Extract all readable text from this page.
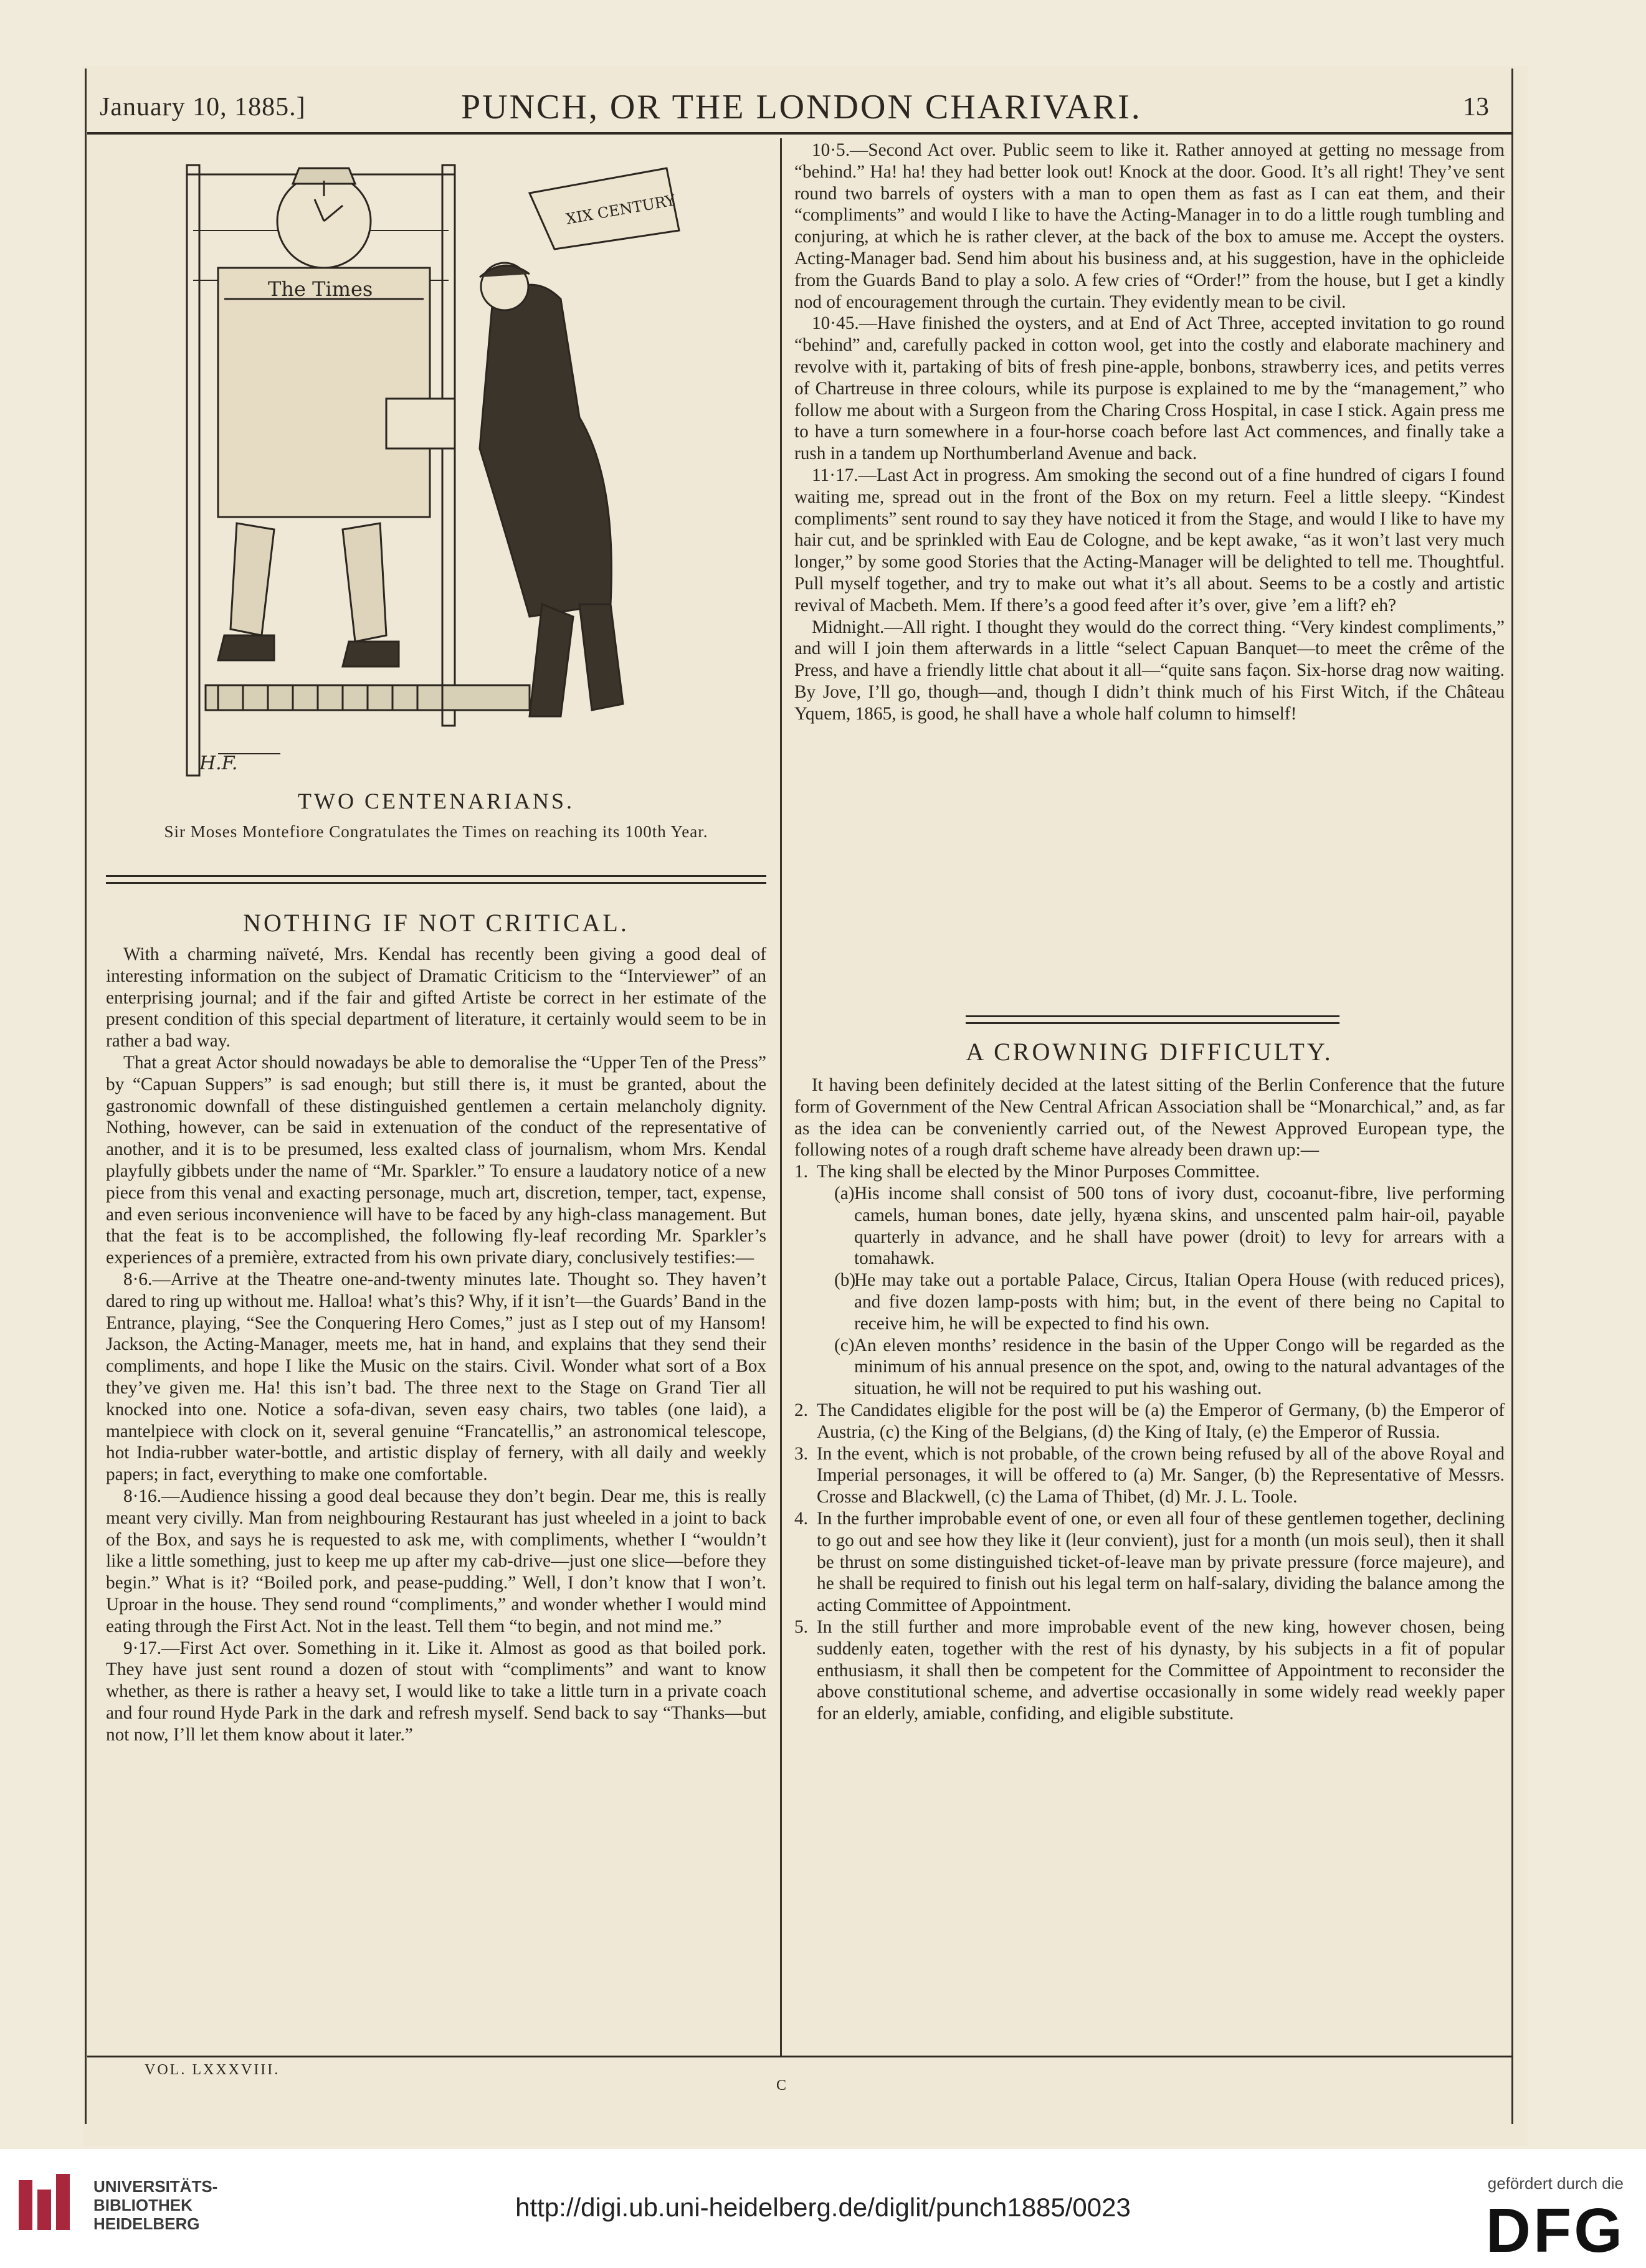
January 10, 1885.]	PUNCH, OR THE LONDON CHARIVARI.	13
The Times
XIX CENTURY
H.F.
TWO CENTENARIANS.
Sir Moses Montefiore Congratulates the Times on reaching its 100th Year.
NOTHING IF NOT CRITICAL.

With a charming naïveté, Mrs. Kendal has recently been giving a good deal of interesting information on the subject of Dramatic Criticism to the “Interviewer” of an enterprising journal; and if the fair and gifted Artiste be correct in her estimate of the present condition of this special department of literature, it certainly would seem to be in rather a bad way.

That a great Actor should nowadays be able to demoralise the “Upper Ten of the Press” by “Capuan Suppers” is sad enough; but still there is, it must be granted, about the gastronomic downfall of these distinguished gentlemen a certain melancholy dignity. Nothing, however, can be said in extenuation of the conduct of the representative of another, and it is to be presumed, less exalted class of journalism, whom Mrs. Kendal playfully gibbets under the name of “Mr. Sparkler.” To ensure a laudatory notice of a new piece from this venal and exacting personage, much art, discretion, temper, tact, expense, and even serious inconvenience will have to be faced by any high-class management. But that the feat is to be accomplished, the following fly-leaf recording Mr. Sparkler’s experiences of a première, extracted from his own private diary, conclusively testifies:—

8·6.—Arrive at the Theatre one-and-twenty minutes late. Thought so. They haven’t dared to ring up without me. Halloa! what’s this? Why, if it isn’t—the Guards’ Band in the Entrance, playing, “See the Conquering Hero Comes,” just as I step out of my Hansom! Jackson, the Acting-Manager, meets me, hat in hand, and explains that they send their compliments, and hope I like the Music on the stairs. Civil. Wonder what sort of a Box they’ve given me. Ha! this isn’t bad. The three next to the Stage on Grand Tier all knocked into one. Notice a sofa-divan, seven easy chairs, two tables (one laid), a mantelpiece with clock on it, several genuine “Francatellis,” an astronomical telescope, hot India-rubber water-bottle, and artistic display of fernery, with all daily and weekly papers; in fact, everything to make one comfortable.

8·16.—Audience hissing a good deal because they don’t begin. Dear me, this is really meant very civilly. Man from neighbouring Restaurant has just wheeled in a joint to back of the Box, and says he is requested to ask me, with compliments, whether I “wouldn’t like a little something, just to keep me up after my cab-drive—just one slice—before they begin.” What is it? “Boiled pork, and pease-pudding.” Well, I don’t know that I won’t. Uproar in the house. They send round “compliments,” and wonder whether I would mind eating through the First Act. Not in the least. Tell them “to begin, and not mind me.”

9·17.—First Act over. Something in it. Like it. Almost as good as that boiled pork. They have just sent round a dozen of stout with “compliments” and want to know whether, as there is rather a heavy set, I would like to take a little turn in a private coach and four round Hyde Park in the dark and refresh myself. Send back to say “Thanks—but not now, I’ll let them know about it later.”

10·5.—Second Act over. Public seem to like it. Rather annoyed at getting no message from “behind.” Ha! ha! they had better look out! Knock at the door. Good. It’s all right! They’ve sent round two barrels of oysters with a man to open them as fast as I can eat them, and their “compliments” and would I like to have the Acting-Manager in to do a little rough tumbling and conjuring, at which he is rather clever, at the back of the box to amuse me. Accept the oysters. Acting-Manager bad. Send him about his business and, at his suggestion, have in the ophicleide from the Guards Band to play a solo. A few cries of “Order!” from the house, but I get a kindly nod of encouragement through the curtain. They evidently mean to be civil.

10·45.—Have finished the oysters, and at End of Act Three, accepted invitation to go round “behind” and, carefully packed in cotton wool, get into the costly and elaborate machinery and revolve with it, partaking of bits of fresh pine-apple, bonbons, strawberry ices, and petits verres of Chartreuse in three colours, while its purpose is explained to me by the “management,” who follow me about with a Surgeon from the Charing Cross Hospital, in case I stick. Again press me to have a turn somewhere in a four-horse coach before last Act commences, and finally take a rush in a tandem up Northumberland Avenue and back.

11·17.—Last Act in progress. Am smoking the second out of a fine hundred of cigars I found waiting me, spread out in the front of the Box on my return. Feel a little sleepy. “Kindest compliments” sent round to say they have noticed it from the Stage, and would I like to have my hair cut, and be sprinkled with Eau de Cologne, and be kept awake, “as it won’t last very much longer,” by some good Stories that the Acting-Manager will be delighted to tell me. Thoughtful. Pull myself together, and try to make out what it’s all about. Seems to be a costly and artistic revival of Macbeth. Mem. If there’s a good feed after it’s over, give ’em a lift? eh?

Midnight.—All right. I thought they would do the correct thing. “Very kindest compliments,” and will I join them afterwards in a little “select Capuan Banquet—to meet the crême of the Press, and have a friendly little chat about it all—“quite sans façon. Six-horse drag now waiting. By Jove, I’ll go, though—and, though I didn’t think much of his First Witch, if the Château Yquem, 1865, is good, he shall have a whole half column to himself!

A CROWNING DIFFICULTY.

It having been definitely decided at the latest sitting of the Berlin Conference that the future form of Government of the New Central African Association shall be “Monarchical,” and, as far as the idea can be conveniently carried out, of the Newest Approved European type, the following notes of a rough draft scheme have already been drawn up:—

1. The king shall be elected by the Minor Purposes Committee.
(a) His income shall consist of 500 tons of ivory dust, cocoanut-fibre, live performing camels, human bones, date jelly, hyæna skins, and unscented palm hair-oil, payable quarterly in advance, and he shall have power (droit) to levy for arrears with a tomahawk.
(b)
He may take out a portable Palace, Circus, Italian Opera House (with reduced prices), and five dozen lamp-posts with him; but, in the event of there being no Capital to receive him, he will be expected to find his own.
(c) An eleven months’ residence in the basin of the Upper Congo will be regarded as the minimum of his annual presence on the spot, and, owing to the natural advantages of the situation, he will not be required to put his washing out.
2. The Candidates eligible for the post will be (a) the Emperor of Germany, (b) the Emperor of Austria, (c) the King of the Belgians, (d) the King of Italy, (e) the Emperor of Russia.
3. In the event, which is not probable, of the crown being refused by all of the above Royal and Imperial personages, it will be offered to (a) Mr. Sanger, (b) the Representative of Messrs. Crosse and Blackwell, (c) the Lama of Thibet, (d) Mr. J. L. Toole.
4. In the further improbable event of one, or even all four of these gentlemen together, declining to go out and see how they like it (leur convient), just for a month (un mois seul), then it shall be thrust on some distinguished ticket-of-leave man by private pressure (force majeure), and he shall be required to finish out his legal term on half-salary, dividing the balance among the acting Committee of Appointment.
5. In the still further and more improbable event of the new king, however chosen, being suddenly eaten, together with the rest of his dynasty, by his subjects in a fit of popular enthusiasm, it shall then be competent for the Committee of Appointment to reconsider the above constitutional scheme, and advertise occasionally in some widely read weekly paper for an elderly, amiable, confiding, and eligible substitute.
VOL. LXXXVIII.
C
UNIVERSITÄTS-
BIBLIOTHEK
HEIDELBERG
http://digi.ub.uni-heidelberg.de/diglit/punch1885/0023
gefördert durch die
DFG
